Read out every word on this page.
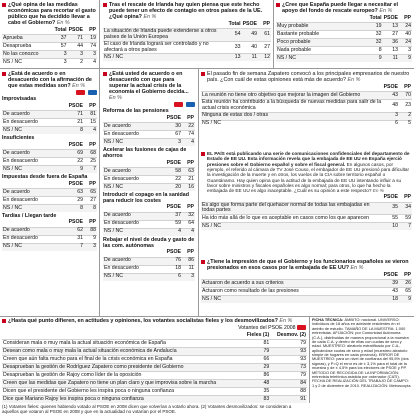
¿Qué opina de las medidas económicas para recortar el gasto público que ha decidido llevar a cabo el Gobierno? En %
	Total	PSOE	PP
Aprueba	37	71	19
Desaprueba	57	44	74
No las conozco	3	3	3
NS / NC	3	2	4
Tras el rescate de Irlanda hay quien piensa que este hecho puede tener un efecto de contagio en otros países de la UE. ¿Qué opina? En %
	Total	PSOE	PP
La situación de Irlanda puede extenderse a otros países de la Unión Europea	54	49	61
El caso de Irlanda logrará ser controlado y no afectará a otros países	33	40	27
NS / NC	13	11	12
¿Cree que España puede llegar a necesitar el apoyo del fondo de rescate europeo? En %
	Total	PSOE	PP
Muy probable	19	13	24
Bastante probable	32	27	40
Poco probable	32	36	24
Nada probable	8	13	3
NS / NC	9	11	9
¿Está de acuerdo o en desacuerdo con la afirmación de que estas medidas son? En %
Improvisadas
	PSOE	PP
De acuerdo	71	81
En desacuerdo	21	15
NS / NC	8	4
Insuficientes
	PSOE	PP
De acuerdo	69	68
En desacuerdo	22	25
NS / NC	9	7
Impuestas desde fuera de España
	PSOE	PP
De acuerdo	63	65
En desacuerdo	29	27
NS / NC	8	8
Tardías / Llegan tarde
	PSOE	PP
De acuerdo	62	88
En desacuerdo	31	9
NS / NC	7	3
¿Está usted de acuerdo o en desacuerdo con que para superar la actual crisis de la economía el Gobierno decida... En %
Reforma de las pensiones
	PSOE	PP
De acuerdo	30	22
En desacuerdo	67	74
NS / NC	3	4
Acelerar las fusiones de cajas de ahorros
	PSOE	PP
De acuerdo	58	63
En desacuerdo	22	21
NS / NC	20	16
Introducir el copago en la sanidad para reducir los costes
	PSOE	PP
De acuerdo	37	32
En desacuerdo	59	64
NS / NC	4	4
Rebajar el nivel de deuda y gasto de las com. autónomas
	PSOE	PP
De acuerdo	76	86
En desacuerdo	18	11
NS / NC	6	3
El pasado fin de semana Zapatero convocó a los principales empresarios de nuestro país. ¿Con cuál de estas opiniones está más de acuerdo? En %
	PSOE	PP
La reunión no tiene otro objetivo que mejorar la imagen del Gobierno	43	70
Esta reunión ha contribuido a la búsqueda de nuevas medidas para salir de la actual crisis económica	48	23
Ninguna de estas dos / otras	3	2
NS / NC	6	5
EL PAÍS está publicando una serie de comunicaciones confidenciales del departamento de Estado de EE UU. Esta información revela que la embajada de EE UU en España ejerció presiones sobre el Gobierno español y sobre el fiscal general. En algunos casos, por ejemplo, el referido al cámara de TV José Couso, el embajador de EE UU presionó para dificultar la investigación de la muerte y en otros, los vuelos de la CIA sobre territorio español o Guantánamo. Hay quien opina que la actitud de la embajada de EE UU intentando influir a su favor sobre ministros y fiscales españoles es algo normal; para otros, lo que ha hecho la embajada de EE UU es algo inaceptable. ¿Cuál es su opinión a este respecto? En %
	PSOE	PP
Es algo que forma parte del quehacer normal de todas las embajadas en todas partes	35	34
Ha ido más allá de lo que es aceptable en casos como los que aparecen	55	59
NS / NC	10	7
¿Tiene la impresión de que el Gobierno y los funcionarios españoles se vieron presionados en esos casos por la embajada de EE UU? En %
	PSOE	PP
Actuaron de acuerdo a sus criterios	39	26
Actuaron como resultado de las presiones	43	65
NS / NC	18	9
¿Hasta qué punto difieren, en actitudes y opiniones, los votantes socialistas fieles y los desmovilizados? En %
	Votantes del PSOE 2008	
	Fieles (1)	Desmov. (2)
Consideran mala o muy mala la actual situación económica de España	81	79
Desean como mala o muy mala la actual situación económica de Andalucía	79	93
Creen que aún falta mucho para el final de la crisis económica en España	66	93
Desaprueban la gestión de Rodríguez Zapatero como presidente del Gobierno	29	73
Desaprueban la gestión de Rajoy como líder de la oposición	86	79
Creen que las medidas que Zapatero no tiene un plan claro y que improvisa sobre la marcha	48	84
Dicen que el presidente del Gobierno les inspira poca o ninguna confianza	35	88
Dice que Mariano Rajoy les inspira poca o ninguna confianza	83	91
(1) Votantes fieles: quienes habiendo votado al PSOE en 2008 dicen que volverían a votarlo ahora. (2) Votantes desmovilizados: se consideran a aquellos que votaron al PSOE en 2008 y que en la actualidad no votarían por el PSOE.
FICHA TÉCNICA: ÁMBITO: nacional. UNIVERSO: individuos de 18 años en adelante residentes en el ámbito de estudio. TAMAÑO DE LA MUESTRA: 1.000 entrevistas. AFIJACIÓN: por Comunidad Autónoma (C.A.), distribuidas de manera proporcional a la muestra de cada C.A. y dentro de ellas con cuotas de sexo y edad. MUESTREO: aleatorio estratificado por C.A., aplicándose cuotas de sexo y edad (muestreo aleatorio simple de hogares en cada provincia). ERROR DE MUESTREO: para un nivel de confianza del 95,5% (dos sigmas), y P=Q el error es de ± 3,1% para el total de la muestra y de ± 4,5% para los electores de PSOE y PP. MÉTODO DE RECOGIDA DE LA INFORMACIÓN: entrevista telefónica asistida por ordenador (CATI). FECHA DE REALIZACIÓN DEL TRABAJO DE CAMPO: 1 y 2 de diciembre de 2010. REALIZACIÓN: Metroscopia.
